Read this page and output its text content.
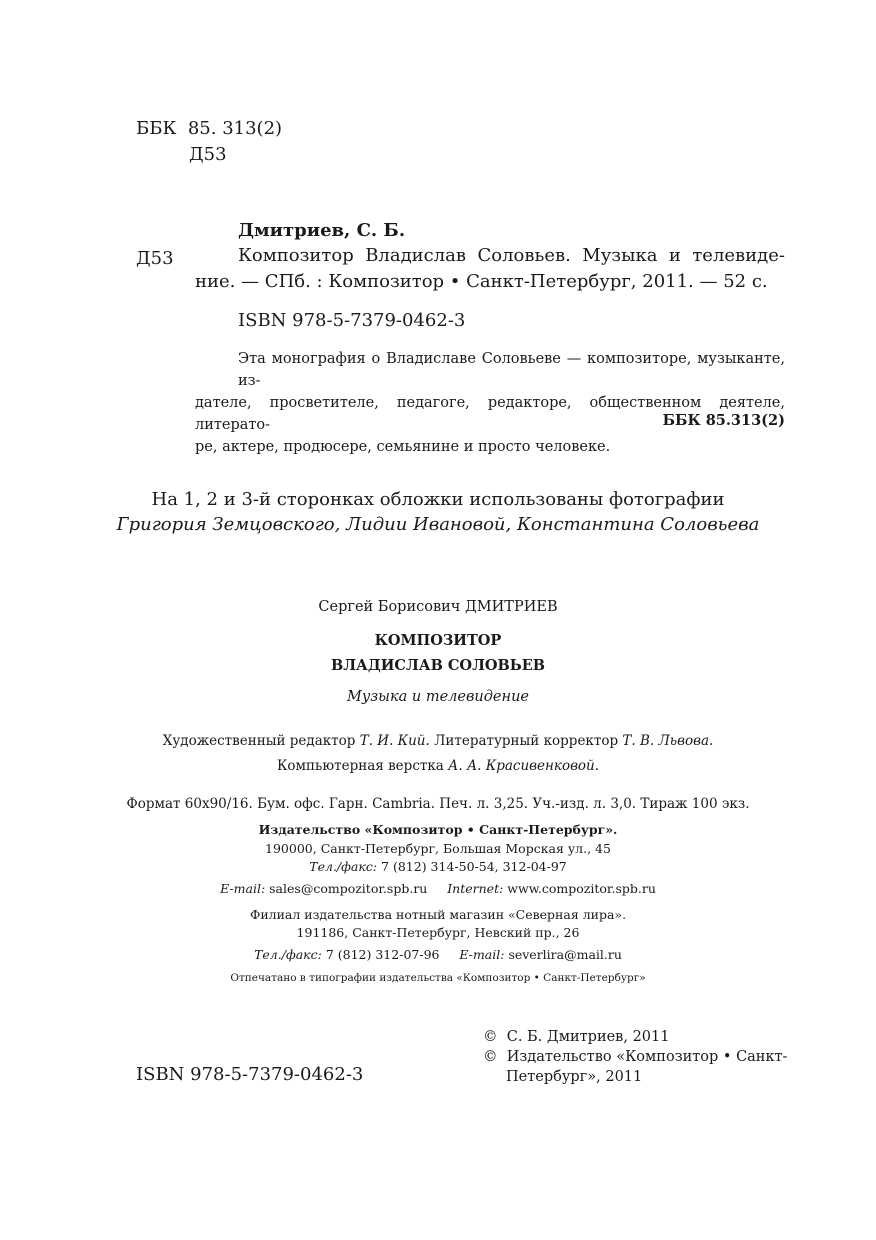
ББК 85. 313(2)
Д53
Дмитриев, С. Б.
Д53	Композитор Владислав Соловьев. Музыка и телевиде-
ние. — СПб. : Композитор • Санкт-Петербург, 2011. — 52 с.
ISBN 978-5-7379-0462-3
Эта монография о Владиславе Соловьеве — композиторе, музыканте, из-
дателе, просветителе, педагоге, редакторе, общественном деятеле, литерато-
ре, актере, продюсере, семьянине и просто человеке.
ББК 85.313(2)
На 1, 2 и 3-й сторонках обложки использованы фотографии
Григория Земцовского, Лидии Ивановой, Константина Соловьева
Сергей Борисович ДМИТРИЕВ
КОМПОЗИТОР
ВЛАДИСЛАВ СОЛОВЬЕВ
Музыка и телевидение
Художественный редактор Т. И. Кий. Литературный корректор Т. В. Львова.
Компьютерная верстка А. А. Красивенковой.
Формат 60х90/16. Бум. офс. Гарн. Cambria. Печ. л. 3,25. Уч.-изд. л. 3,0. Тираж 100 экз.
Издательство «Композитор • Санкт-Петербург».
190000, Санкт-Петербург, Большая Морская ул., 45
Тел./факс: 7 (812) 314-50-54, 312-04-97
E-mail: sales@compozitor.spb.ru Internet: www.compozitor.spb.ru
Филиал издательства нотный магазин «Северная лира».
191186, Санкт-Петербург, Невский пр., 26
Тел./факс: 7 (812) 312-07-96 E-mail: severlira@mail.ru
Отпечатано в типографии издательства «Композитор • Санкт-Петербург»
© С. Б. Дмитриев, 2011
© Издательство «Композитор • Санкт-
Петербург», 2011
ISBN 978-5-7379-0462-3
